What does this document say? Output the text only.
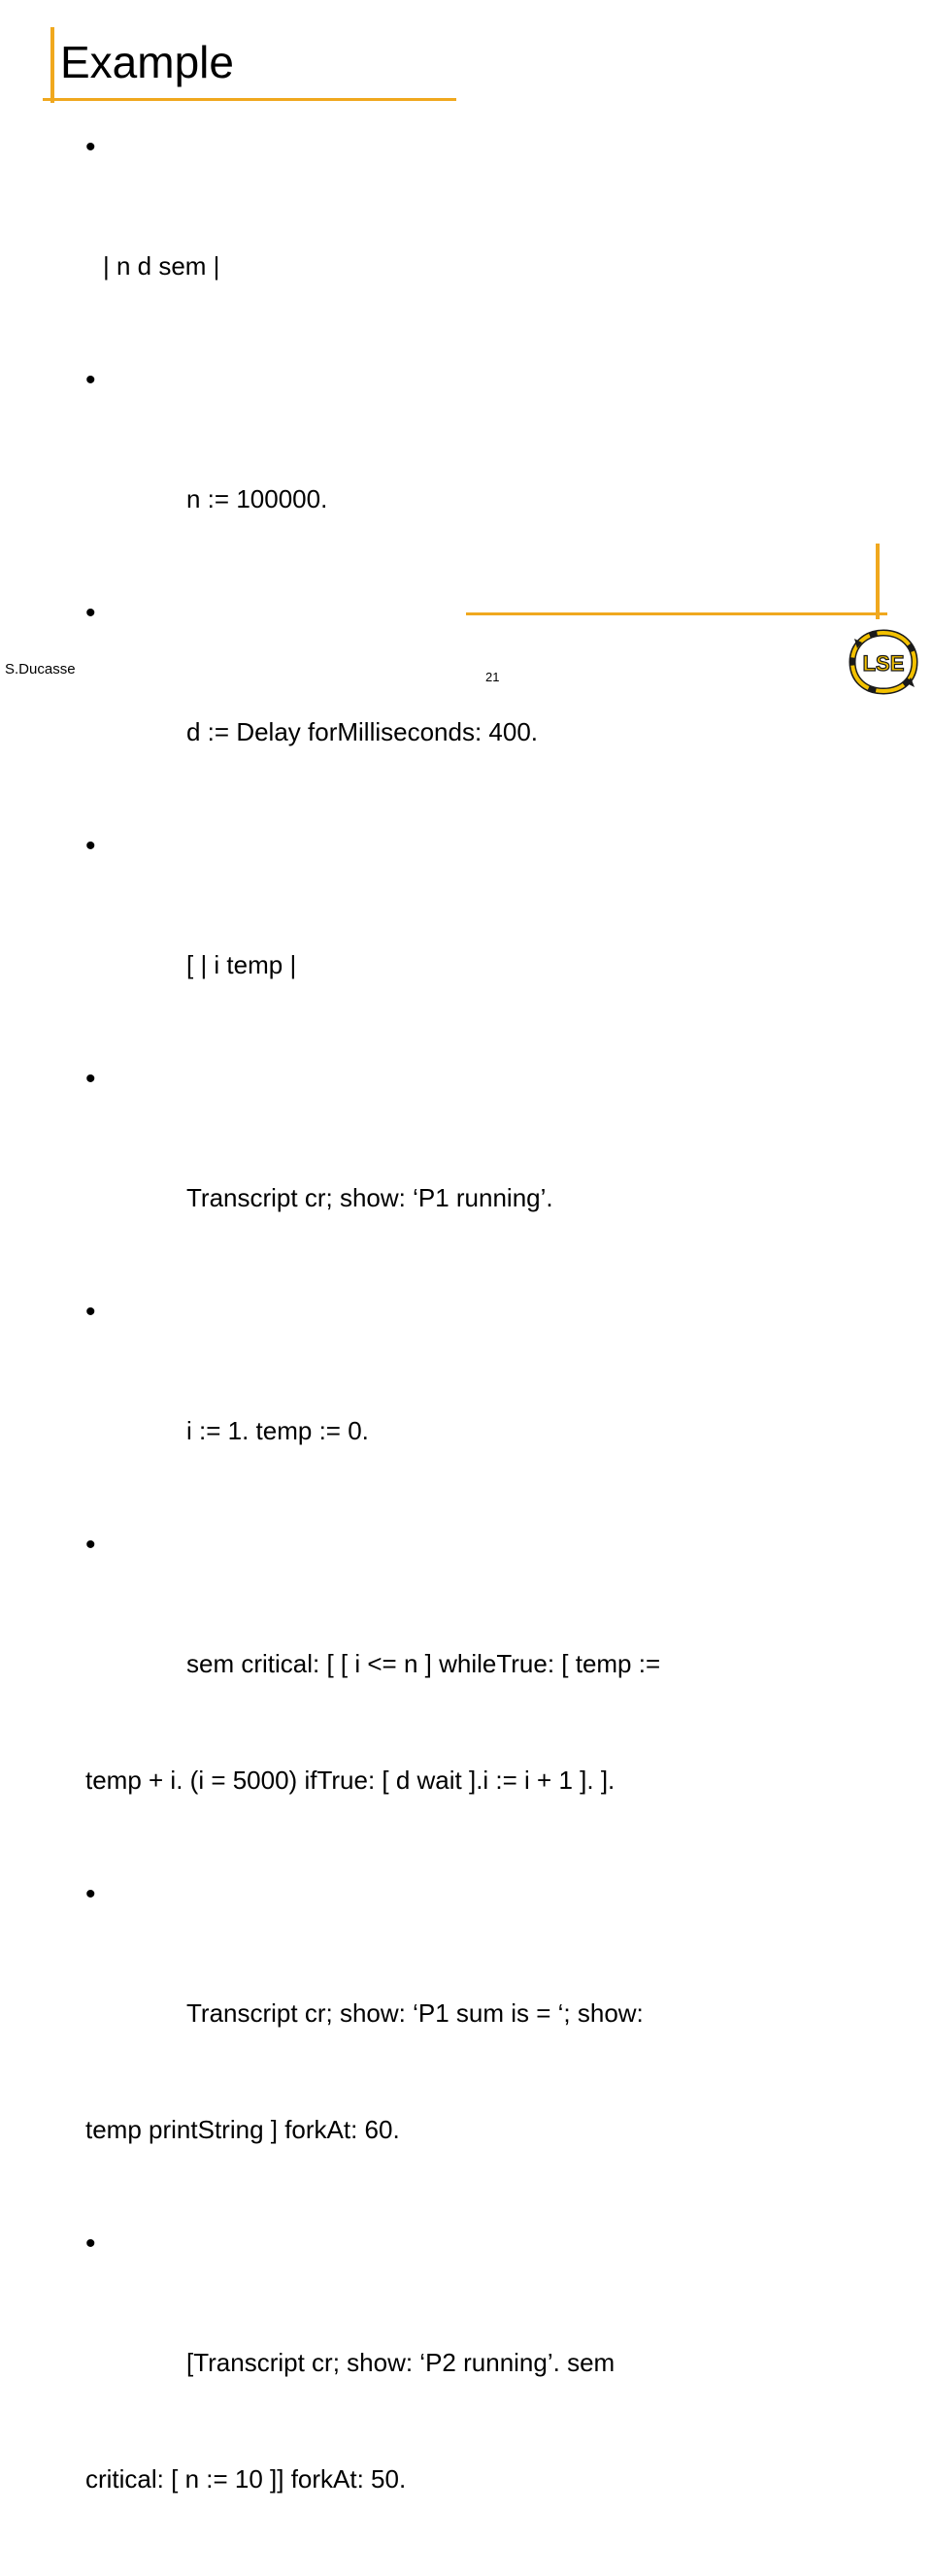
Example

•

| n d sem |

•

n := 100000.

•

d := Delay forMilliseconds: 400.

•

[ | i temp |

•

Transcript cr; show: ‘P1 running’.

•

i := 1. temp := 0.

•

sem critical: [ [ i <= n ] whileTrue: [ temp :=

temp + i. (i = 5000) ifTrue: [ d wait ].i := i + 1 ]. ].

•

Transcript cr; show: ‘P1 sum is = ‘; show:

temp printString ] forkAt: 60.

•

[Transcript cr; show: ‘P2 running’. sem

critical: [ n := 10 ]] forkAt: 50.

S.Ducasse	21
LSE
